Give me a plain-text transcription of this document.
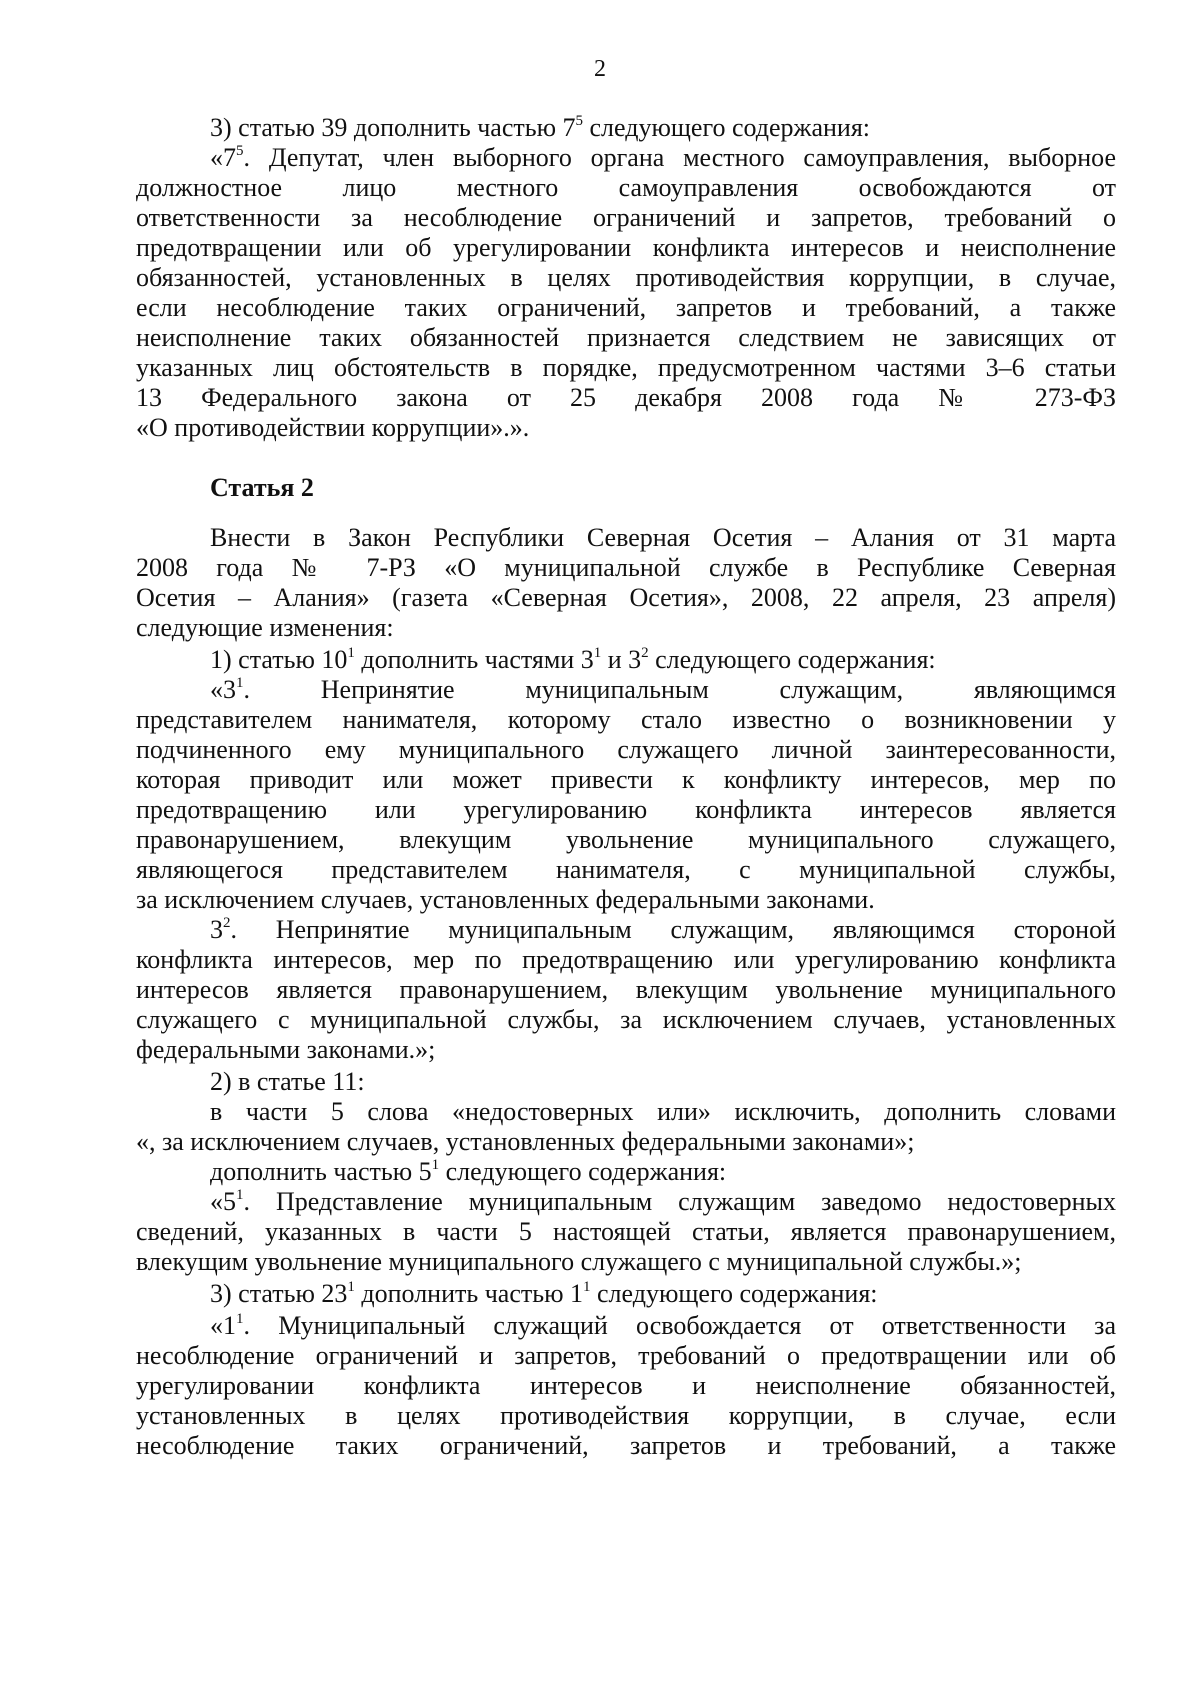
2
Статья 2
3) статью 39 дополнить частью $7^5$ следующего содержания:
«$7^5$. Депутат, член выборного органа местного самоуправления, выборное
должностное лицо местного самоуправления освобождаются от
ответственности за несоблюдение ограничений и запретов, требований о
предотвращении или об урегулировании конфликта интересов и неисполнение
обязанностей, установленных в целях противодействия коррупции, в случае,
если несоблюдение таких ограничений, запретов и требований, а также
неисполнение таких обязанностей признается следствием не зависящих от
указанных лиц обстоятельств в порядке, предусмотренном частями 3–6 статьи
13 Федерального закона от 25 декабря 2008 года № 273-ФЗ
«О противодействии коррупции».».
Внести в Закон Республики Северная Осетия – Алания от 31 марта
2008 года № 7-РЗ «О муниципальной службе в Республике Северная
Осетия – Алания» (газета «Северная Осетия», 2008, 22 апреля, 23 апреля)
следующие изменения:
1) статью $10^1$ дополнить частями $3^1$ и $3^2$ следующего содержания:
«$3^1$. Непринятие муниципальным служащим, являющимся
представителем нанимателя, которому стало известно о возникновении у
подчиненного ему муниципального служащего личной заинтересованности,
которая приводит или может привести к конфликту интересов, мер по
предотвращению или урегулированию конфликта интересов является
правонарушением, влекущим увольнение муниципального служащего,
являющегося представителем нанимателя, с муниципальной службы,
за исключением случаев, установленных федеральными законами.
$3^2$. Непринятие муниципальным служащим, являющимся стороной
конфликта интересов, мер по предотвращению или урегулированию конфликта
интересов является правонарушением, влекущим увольнение муниципального
служащего с муниципальной службы, за исключением случаев, установленных
федеральными законами.»;
2) в статье 11:
в части 5 слова «недостоверных или» исключить, дополнить словами
«, за исключением случаев, установленных федеральными законами»;
дополнить частью $5^1$ следующего содержания:
«$5^1$. Представление муниципальным служащим заведомо недостоверных
сведений, указанных в части 5 настоящей статьи, является правонарушением,
влекущим увольнение муниципального служащего с муниципальной службы.»;
3) статью $23^1$ дополнить частью $1^1$ следующего содержания:
«$1^1$. Муниципальный служащий освобождается от ответственности за
несоблюдение ограничений и запретов, требований о предотвращении или об
урегулировании конфликта интересов и неисполнение обязанностей,
установленных в целях противодействия коррупции, в случае, если
несоблюдение таких ограничений, запретов и требований, а также
